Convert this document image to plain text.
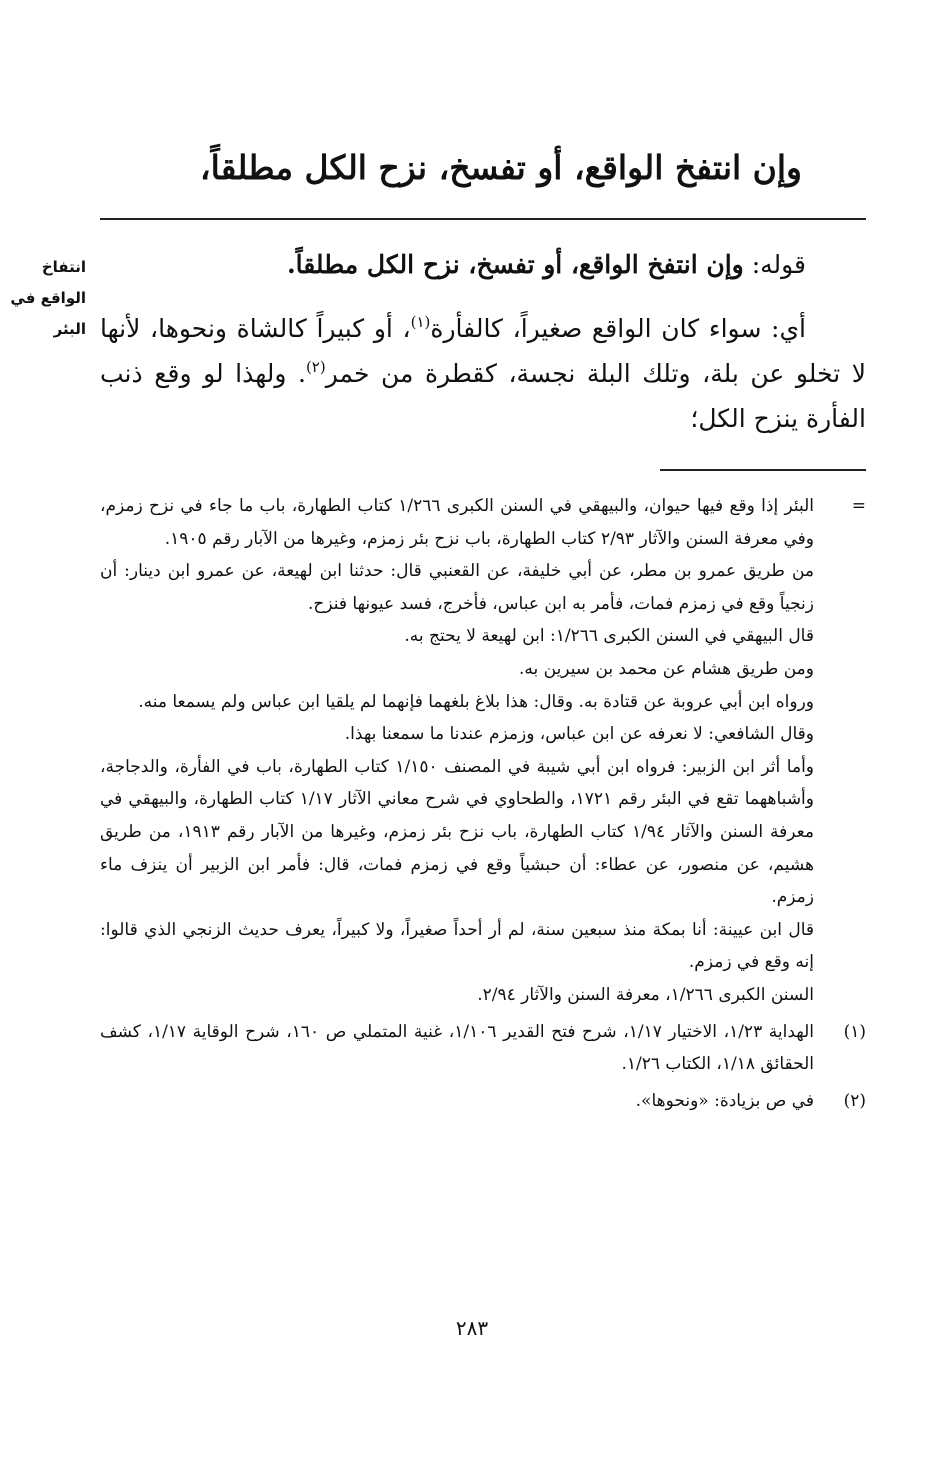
وإن انتفخ الواقع، أو تفسخ، نزح الكل مطلقاً،
انتفاخ
الواقع في
البئر
قوله: وإن انتفخ الواقع، أو تفسخ، نزح الكل مطلقاً.
أي: سواء كان الواقع صغيراً، كالفأرة$^{(١)}$، أو كبيراً كالشاة ونحوها، لأنها لا تخلو عن بلة، وتلك البلة نجسة، كقطرة من خمر$^{(٢)}$. ولهذا لو وقع ذنب الفأرة ينزح الكل؛
=

البئر إذا وقع فيها حيوان، والبيهقي في السنن الكبرى ١/٢٦٦ كتاب الطهارة، باب ما جاء في نزح زمزم، وفي معرفة السنن والآثار ٢/٩٣ كتاب الطهارة، باب نزح بئر زمزم، وغيرها من الآبار رقم ١٩٠٥.

من طريق عمرو بن مطر، عن أبي خليفة، عن القعنبي قال: حدثنا ابن لهيعة، عن عمرو ابن دينار: أن زنجياً وقع في زمزم فمات، فأمر به ابن عباس، فأخرج، فسد عيونها فنزح.

قال البيهقي في السنن الكبرى ١/٢٦٦: ابن لهيعة لا يحتج به.

ومن طريق هشام عن محمد بن سيرين به.

ورواه ابن أبي عروبة عن قتادة به. وقال: هذا بلاغ بلغهما فإنهما لم يلقيا ابن عباس ولم يسمعا منه.

وقال الشافعي: لا نعرفه عن ابن عباس، وزمزم عندنا ما سمعنا بهذا.

وأما أثر ابن الزبير: فرواه ابن أبي شيبة في المصنف ١/١٥٠ كتاب الطهارة، باب في الفأرة، والدجاجة، وأشباههما تقع في البئر رقم ١٧٢١، والطحاوي في شرح معاني الآثار ١/١٧ كتاب الطهارة، والبيهقي في معرفة السنن والآثار ١/٩٤ كتاب الطهارة، باب نزح بئر زمزم، وغيرها من الآبار رقم ١٩١٣، من طريق هشيم، عن منصور، عن عطاء: أن حبشياً وقع في زمزم فمات، قال: فأمر ابن الزبير أن ينزف ماء زمزم.

قال ابن عيينة: أنا بمكة منذ سبعين سنة، لم أر أحداً صغيراً، ولا كبيراً، يعرف حديث الزنجي الذي قالوا: إنه وقع في زمزم.

السنن الكبرى ١/٢٦٦، معرفة السنن والآثار ٢/٩٤.

(١)

الهداية ١/٢٣، الاختيار ١/١٧، شرح فتح القدير ١/١٠٦، غنية المتملي ص ١٦٠، شرح الوقاية ١/١٧، كشف الحقائق ١/١٨، الكتاب ١/٢٦.

(٢)

في ص بزيادة: «ونحوها».

٢٨٣
